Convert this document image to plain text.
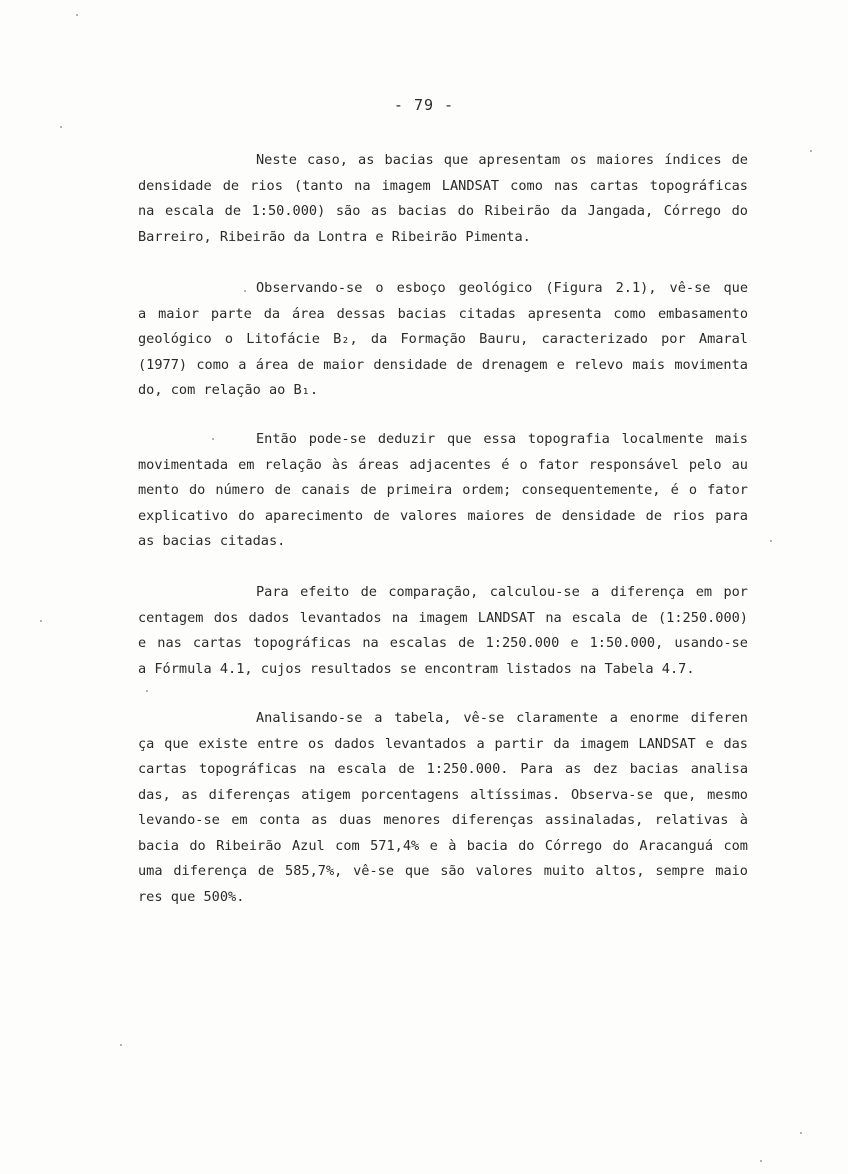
- 79 -
Neste caso, as bacias que apresentam os maiores índices de
densidade de rios (tanto na imagem LANDSAT como nas cartas topográficas
na escala de 1:50.000) são as bacias do Ribeirão da Jangada, Córrego do
Barreiro, Ribeirão da Lontra e Ribeirão Pimenta.
Observando-se o esboço geológico (Figura 2.1), vê-se que
a maior parte da área dessas bacias citadas apresenta como embasamento
geológico o Litofácie B₂, da Formação Bauru, caracterizado por Amaral
(1977) como a área de maior densidade de drenagem e relevo mais movimenta
do, com relação ao B₁.
Então pode-se deduzir que essa topografia localmente mais
movimentada em relação às áreas adjacentes é o fator responsável pelo au
mento do número de canais de primeira ordem; consequentemente, é o fator
explicativo do aparecimento de valores maiores de densidade de rios para
as bacias citadas.
Para efeito de comparação, calculou-se a diferença em por
centagem dos dados levantados na imagem LANDSAT na escala de (1:250.000)
e nas cartas topográficas na escalas de 1:250.000 e 1:50.000, usando-se
a Fórmula 4.1, cujos resultados se encontram listados na Tabela 4.7.
Analisando-se a tabela, vê-se claramente a enorme diferen
ça que existe entre os dados levantados a partir da imagem LANDSAT e das
cartas topográficas na escala de 1:250.000. Para as dez bacias analisa
das, as diferenças atigem porcentagens altíssimas. Observa-se que, mesmo
levando-se em conta as duas menores diferenças assinaladas, relativas à
bacia do Ribeirão Azul com 571,4% e à bacia do Córrego do Aracanguá com
uma diferença de 585,7%, vê-se que são valores muito altos, sempre maio
res que 500%.
